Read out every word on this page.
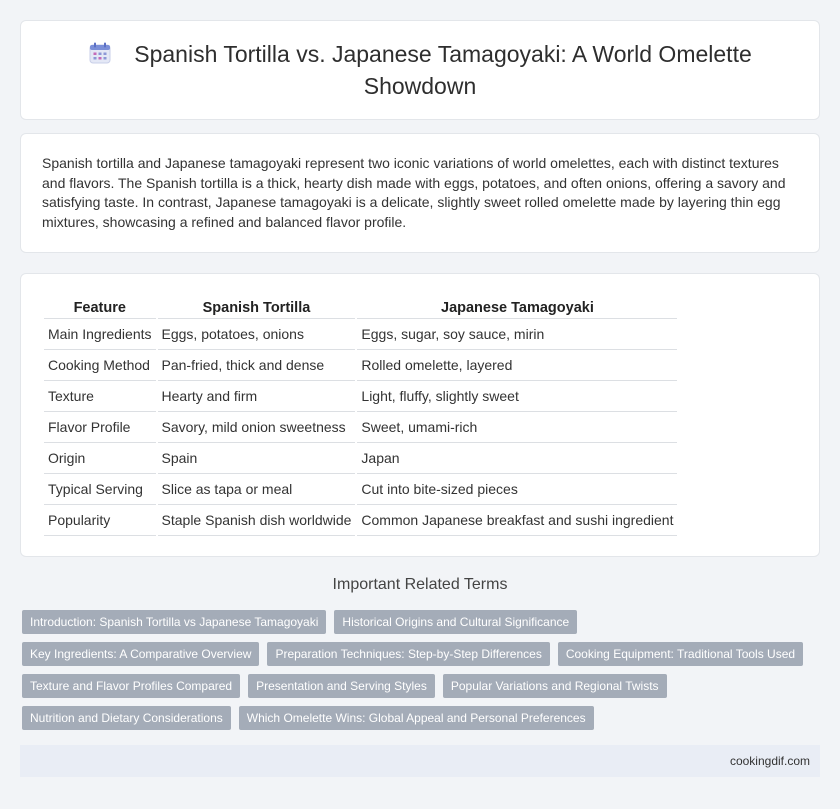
Spanish Tortilla vs. Japanese Tamagoyaki: A World Omelette Showdown

Spanish tortilla and Japanese tamagoyaki represent two iconic variations of world omelettes, each with distinct textures and flavors. The Spanish tortilla is a thick, hearty dish made with eggs, potatoes, and often onions, offering a savory and satisfying taste. In contrast, Japanese tamagoyaki is a delicate, slightly sweet rolled omelette made by layering thin egg mixtures, showcasing a refined and balanced flavor profile.

Feature	Spanish Tortilla	Japanese Tamagoyaki
Main Ingredients	Eggs, potatoes, onions	Eggs, sugar, soy sauce, mirin
Cooking Method	Pan-fried, thick and dense	Rolled omelette, layered
Texture	Hearty and firm	Light, fluffy, slightly sweet
Flavor Profile	Savory, mild onion sweetness	Sweet, umami-rich
Origin	Spain	Japan
Typical Serving	Slice as tapa or meal	Cut into bite-sized pieces
Popularity	Staple Spanish dish worldwide	Common Japanese breakfast and sushi ingredient
Important Related Terms
Introduction: Spanish Tortilla vs Japanese Tamagoyaki	Historical Origins and Cultural Significance
Key Ingredients: A Comparative Overview	Preparation Techniques: Step-by-Step Differences	Cooking Equipment: Traditional Tools Used
Texture and Flavor Profiles Compared	Presentation and Serving Styles	Popular Variations and Regional Twists
Nutrition and Dietary Considerations	Which Omelette Wins: Global Appeal and Personal Preferences
cookingdif.com
